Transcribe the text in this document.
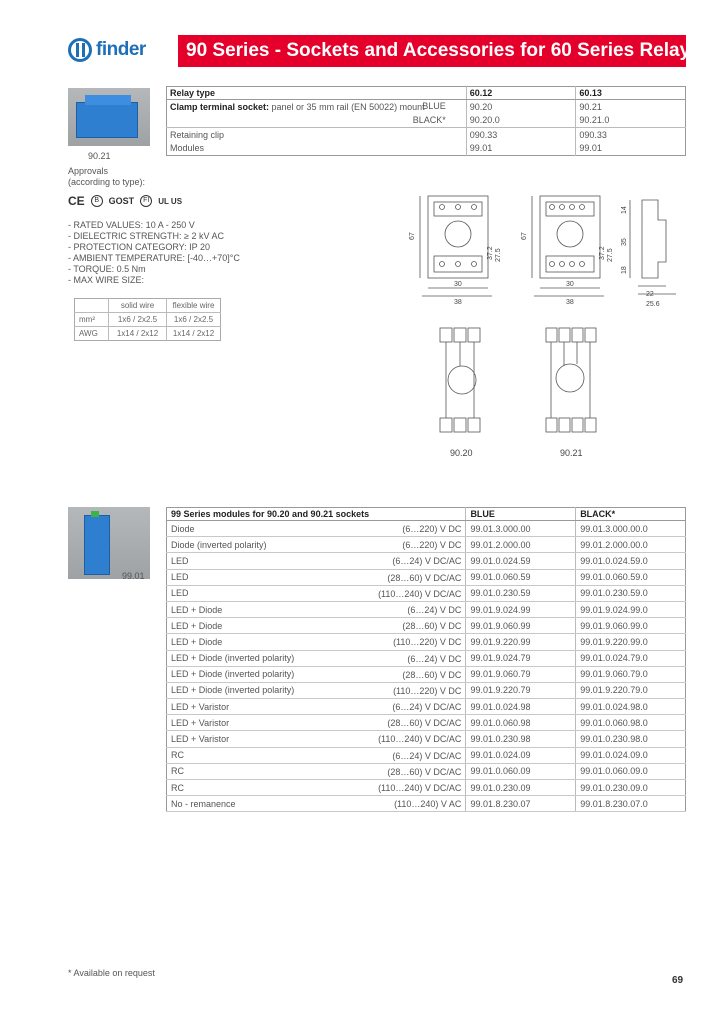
finder	90 Series - Sockets and Accessories for 60 Series Relays
90.21
Relay type	60.12	60.13
Clamp terminal socket: panel or 35 mm rail (EN 50022) mount
BLUE	90.20	90.21
BLACK*	90.20.0	90.21.0
Retaining clip	090.33	090.33
Modules	99.01	99.01
Approvals
(according to type):
CE	B	GOST	FI	UL US
- RATED VALUES: 10 A - 250 V
- DIELECTRIC STRENGTH: ≥ 2 kV AC
- PROTECTION CATEGORY: IP 20
- AMBIENT TEMPERATURE: [-40…+70]°C
- TORQUE: 0.5 Nm
- MAX WIRE SIZE:
	solid wire	flexible wire
mm²	1x6 / 2x2.5	1x6 / 2x2.5
AWG	1x14 / 2x12	1x14 / 2x12
67
37.2 27.5
30
38
67
37.2 27.5
30
38
14
35
18
22
25.6
90.20	90.21
99.01
99 Series modules for 90.20 and 90.21 sockets	BLUE	BLACK*
Diode (6…220) V DC	99.01.3.000.00	99.01.3.000.00.0
Diode (inverted polarity) (6…220) V DC	99.01.2.000.00	99.01.2.000.00.0
LED (6…24) V DC/AC	99.01.0.024.59	99.01.0.024.59.0
LED (28…60) V DC/AC	99.01.0.060.59	99.01.0.060.59.0
LED (110…240) V DC/AC	99.01.0.230.59	99.01.0.230.59.0
LED + Diode (6…24) V DC	99.01.9.024.99	99.01.9.024.99.0
LED + Diode (28…60) V DC	99.01.9.060.99	99.01.9.060.99.0
LED + Diode (110…220) V DC	99.01.9.220.99	99.01.9.220.99.0
LED + Diode (inverted polarity) (6…24) V DC	99.01.9.024.79	99.01.0.024.79.0
LED + Diode (inverted polarity) (28…60) V DC	99.01.9.060.79	99.01.9.060.79.0
LED + Diode (inverted polarity) (110…220) V DC	99.01.9.220.79	99.01.9.220.79.0
LED + Varistor (6…24) V DC/AC	99.01.0.024.98	99.01.0.024.98.0
LED + Varistor (28…60) V DC/AC	99.01.0.060.98	99.01.0.060.98.0
LED + Varistor (110…240) V DC/AC	99.01.0.230.98	99.01.0.230.98.0
RC (6…24) V DC/AC	99.01.0.024.09	99.01.0.024.09.0
RC (28…60) V DC/AC	99.01.0.060.09	99.01.0.060.09.0
RC (110…240) V DC/AC	99.01.0.230.09	99.01.0.230.09.0
No - remanence (110…240) V AC	99.01.8.230.07	99.01.8.230.07.0
* Available on request
69
